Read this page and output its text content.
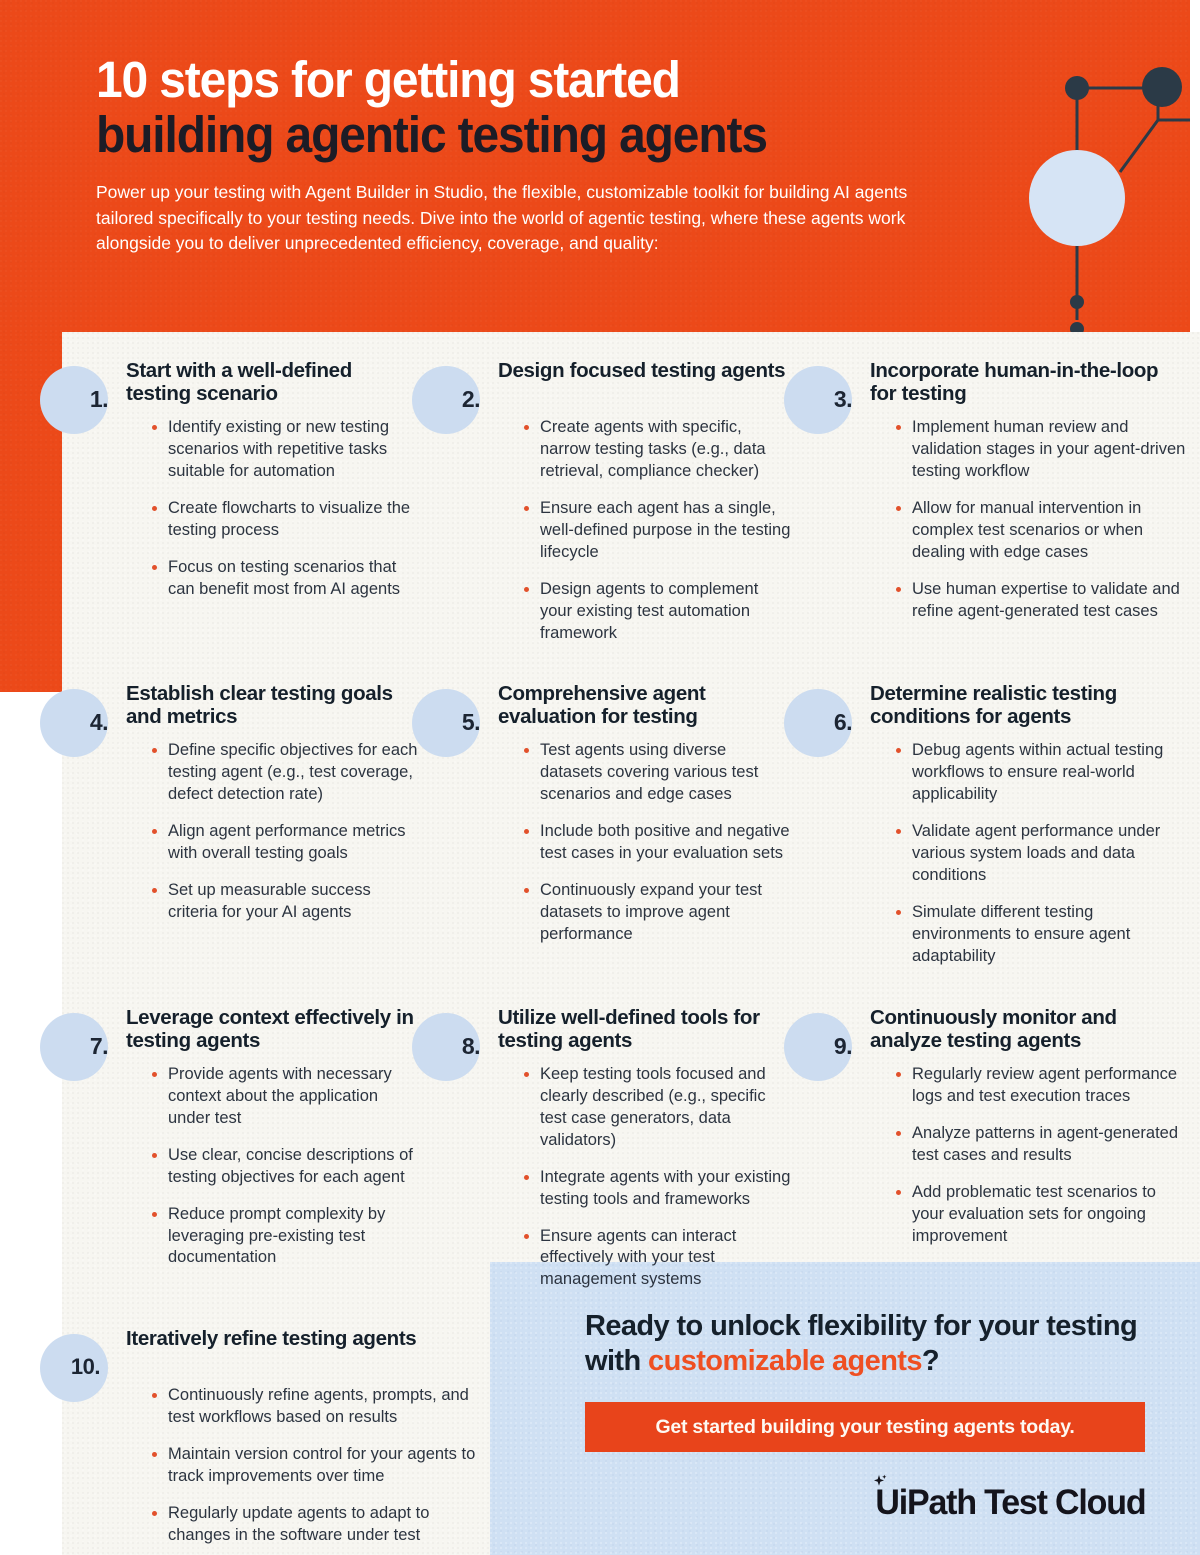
10 steps for getting started
building agentic testing agents
Power up your testing with Agent Builder in Studio, the flexible, customizable toolkit for building AI agents tailored specifically to your testing needs. Dive into the world of agentic testing, where these agents work alongside you to deliver unprecedented efficiency, coverage, and quality:
1.
Start with a well-defined testing scenario
Identify existing or new testing scenarios with repetitive tasks suitable for automation
Create flowcharts to visualize the testing process
Focus on testing scenarios that can benefit most from AI agents
2.
Design focused testing agents
Create agents with specific, narrow testing tasks (e.g., data retrieval, compliance checker)
Ensure each agent has a single, well-defined purpose in the testing lifecycle
Design agents to complement your existing test automation framework
3.
Incorporate human-in-the-loop for testing
Implement human review and validation stages in your agent-driven testing workflow
Allow for manual intervention in complex test scenarios or when dealing with edge cases
Use human expertise to validate and refine agent-generated test cases
4.
Establish clear testing goals and metrics
Define specific objectives for each testing agent (e.g., test coverage, defect detection rate)
Align agent performance metrics with overall testing goals
Set up measurable success criteria for your AI agents
5.
Comprehensive agent evaluation for testing
Test agents using diverse datasets covering various test scenarios and edge cases
Include both positive and negative test cases in your evaluation sets
Continuously expand your test datasets to improve agent performance
6.
Determine realistic testing conditions for agents
Debug agents within actual testing workflows to ensure real-world applicability
Validate agent performance under various system loads and data conditions
Simulate different testing environments to ensure agent adaptability
7.
Leverage context effectively in testing agents
Provide agents with necessary context about the application under test
Use clear, concise descriptions of testing objectives for each agent
Reduce prompt complexity by leveraging pre-existing test documentation
8.
Utilize well-defined tools for testing agents
Keep testing tools focused and clearly described (e.g., specific test case generators, data validators)
Integrate agents with your existing testing tools and frameworks
Ensure agents can interact effectively with your test management systems
9.
Continuously monitor and analyze testing agents
Regularly review agent performance logs and test execution traces
Analyze patterns in agent-generated test cases and results
Add problematic test scenarios to your evaluation sets for ongoing improvement
10.
Iteratively refine testing agents
Continuously refine agents, prompts, and test workflows based on results
Maintain version control for your agents to track improvements over time
Regularly update agents to adapt to changes in the software under test
Ready to unlock flexibility for your testing with customizable agents?
Get started building your testing agents today.
UiPath Test Cloud
